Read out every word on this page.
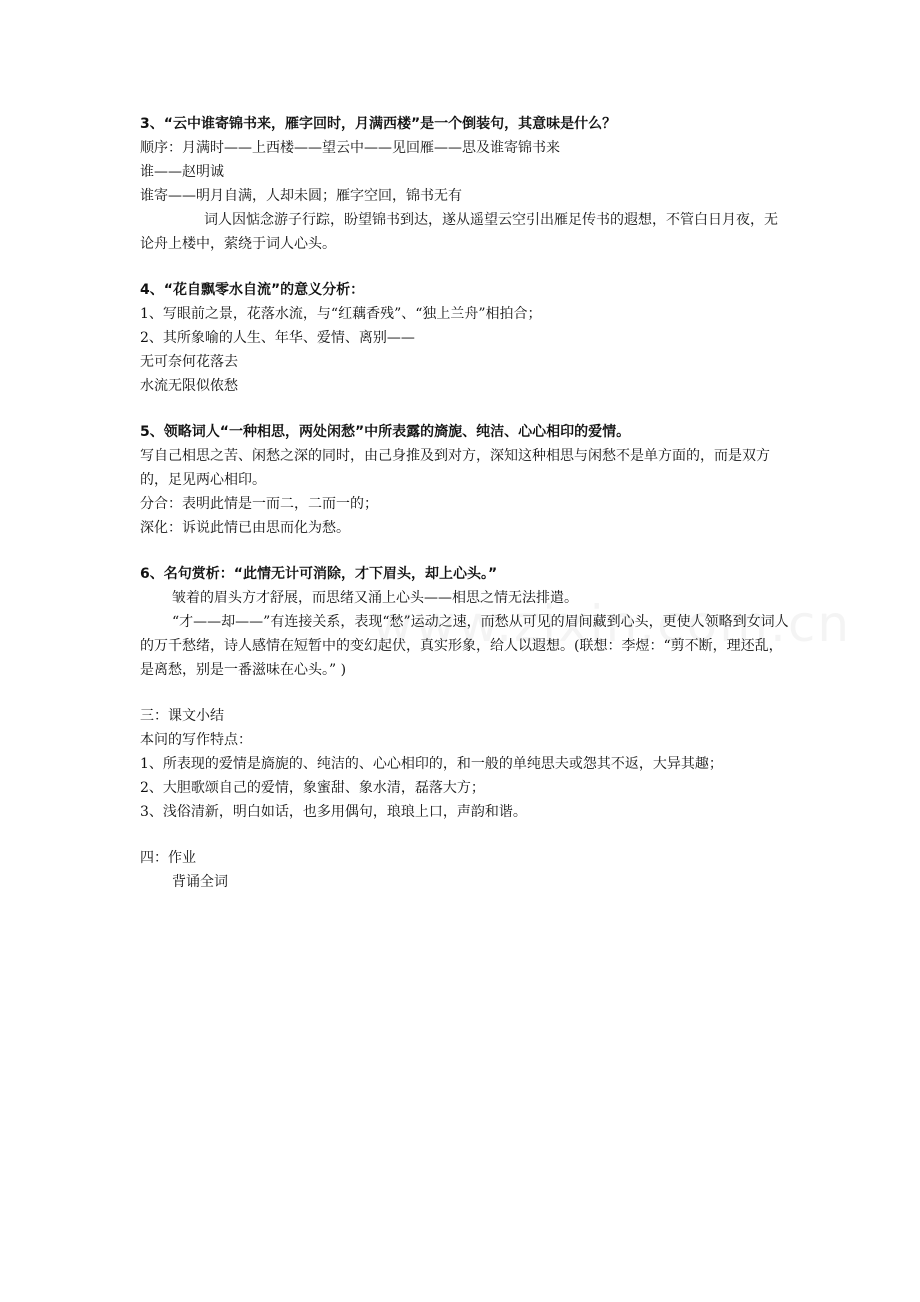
3、“云中谁寄锦书来，雁字回时，月满西楼”是一个倒装句，其意味是什么？
顺序：月满时——上西楼——望云中——见回雁——思及谁寄锦书来
谁——赵明诚
谁寄——明月自满，人却未圆；雁字空回，锦书无有
词人因惦念游子行踪，盼望锦书到达，遂从遥望云空引出雁足传书的遐想，不管白日月夜，无论舟上楼中，萦绕于词人心头。
4、“花自飘零水自流”的意义分析：
1、写眼前之景，花落水流，与“红藕香残”、“独上兰舟”相拍合；
2、其所象喻的人生、年华、爱情、离别——
无可奈何花落去
水流无限似侬愁
5、领略词人“一种相思，两处闲愁”中所表露的旖旎、纯洁、心心相印的爱情。
写自己相思之苦、闲愁之深的同时，由己身推及到对方，深知这种相思与闲愁不是单方面的，而是双方的，足见两心相印。
分合：表明此情是一而二，二而一的；
深化：诉说此情已由思而化为愁。
6、名句赏析：“此情无计可消除，才下眉头，却上心头。”
皱着的眉头方才舒展，而思绪又涌上心头——相思之情无法排遣。
“才——却——”有连接关系，表现“愁”运动之速，而愁从可见的眉间藏到心头，更使人领略到女词人的万千愁绪，诗人感情在短暂中的变幻起伏，真实形象，给人以遐想。(联想：李煜：“剪不断，理还乱，是离愁，别是一番滋味在心头。” )
三：课文小结
本问的写作特点：
1、所表现的爱情是旖旎的、纯洁的、心心相印的，和一般的单纯思夫或怨其不返，大异其趣；
2、大胆歌颂自己的爱情，象蜜甜、象水清，磊落大方；
3、浅俗清新，明白如话，也多用偶句，琅琅上口，声韵和谐。
四：作业
背诵全词
